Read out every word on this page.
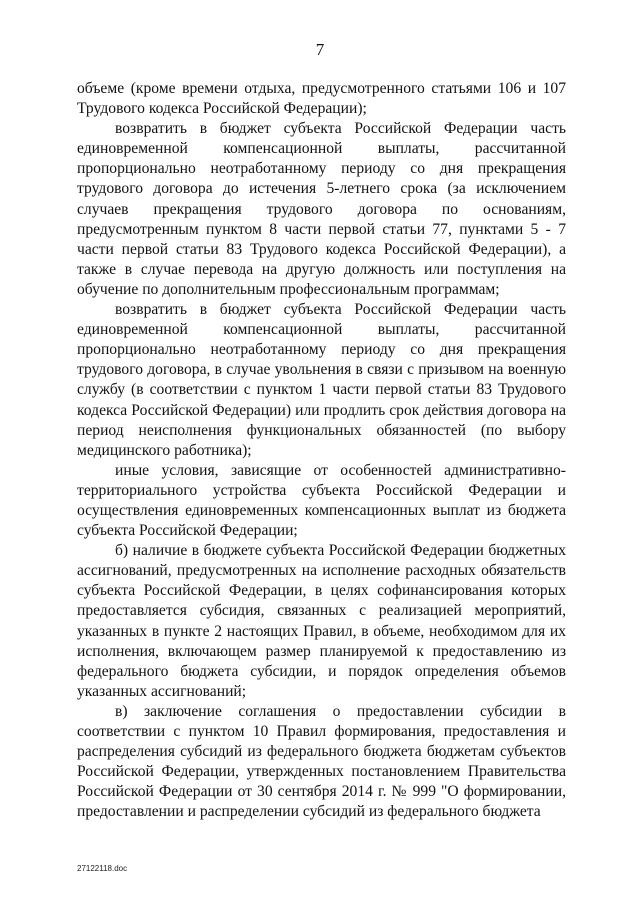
7

объеме (кроме времени отдыха, предусмотренного статьями 106 и 107 Трудового кодекса Российской Федерации);

возвратить в бюджет субъекта Российской Федерации часть единовременной компенсационной выплаты, рассчитанной пропорционально неотработанному периоду со дня прекращения трудового договора до истечения 5-летнего срока (за исключением случаев прекращения трудового договора по основаниям, предусмотренным пунктом 8 части первой статьи 77, пунктами 5 - 7 части первой статьи 83 Трудового кодекса Российской Федерации), а также в случае перевода на другую должность или поступления на обучение по дополнительным профессиональным программам;

возвратить в бюджет субъекта Российской Федерации часть единовременной компенсационной выплаты, рассчитанной пропорционально неотработанному периоду со дня прекращения трудового договора, в случае увольнения в связи с призывом на военную службу (в соответствии с пунктом 1 части первой статьи 83 Трудового кодекса Российской Федерации) или продлить срок действия договора на период неисполнения функциональных обязанностей (по выбору медицинского работника);

иные условия, зависящие от особенностей административно-территориального устройства субъекта Российской Федерации и осуществления единовременных компенсационных выплат из бюджета субъекта Российской Федерации;

б) наличие в бюджете субъекта Российской Федерации бюджетных ассигнований, предусмотренных на исполнение расходных обязательств субъекта Российской Федерации, в целях софинансирования которых предоставляется субсидия, связанных с реализацией мероприятий, указанных в пункте 2 настоящих Правил, в объеме, необходимом для их исполнения, включающем размер планируемой к предоставлению из федерального бюджета субсидии, и порядок определения объемов указанных ассигнований;

в) заключение соглашения о предоставлении субсидии в соответствии с пунктом 10 Правил формирования, предоставления и распределения субсидий из федерального бюджета бюджетам субъектов Российской Федерации, утвержденных постановлением Правительства Российской Федерации от 30 сентября 2014 г. № 999 "О формировании, предоставлении и распределении субсидий из федерального бюджета

27122118.doc
